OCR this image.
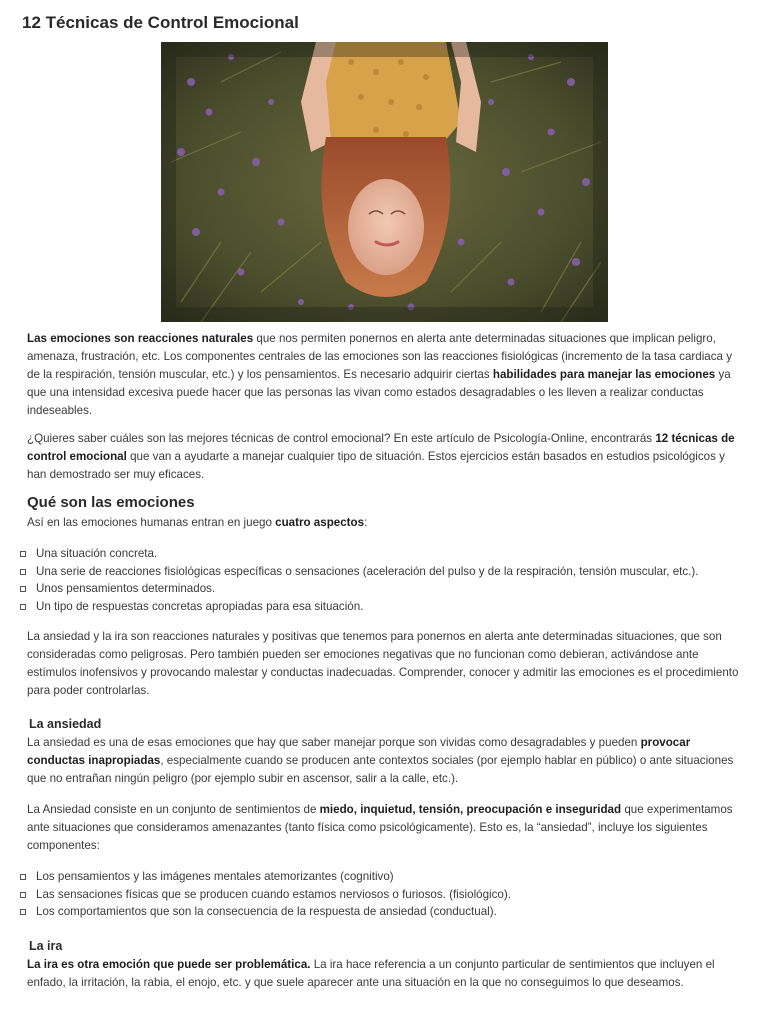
12 Técnicas de Control Emocional

Las emociones son reacciones naturales que nos permiten ponernos en alerta ante determinadas situaciones que implican peligro, amenaza, frustración, etc. Los componentes centrales de las emociones son las reacciones fisiológicas (incremento de la tasa cardiaca y de la respiración, tensión muscular, etc.) y los pensamientos. Es necesario adquirir ciertas habilidades para manejar las emociones ya que una intensidad excesiva puede hacer que las personas las vivan como estados desagradables o les lleven a realizar conductas indeseables.

¿Quieres saber cuáles son las mejores técnicas de control emocional? En este artículo de Psicología-Online, encontrarás 12 técnicas de control emocional que van a ayudarte a manejar cualquier tipo de situación. Estos ejercicios están basados en estudios psicológicos y han demostrado ser muy eficaces.

Qué son las emociones

Así en las emociones humanas entran en juego cuatro aspectos:

Una situación concreta.
Una serie de reacciones fisiológicas específicas o sensaciones (aceleración del pulso y de la respiración, tensión muscular, etc.).
Unos pensamientos determinados.
Un tipo de respuestas concretas apropiadas para esa situación.

La ansiedad y la ira son reacciones naturales y positivas que tenemos para ponernos en alerta ante determinadas situaciones, que son consideradas como peligrosas. Pero también pueden ser emociones negativas que no funcionan como debieran, activándose ante estímulos inofensivos y provocando malestar y conductas inadecuadas. Comprender, conocer y admitir las emociones es el procedimiento para poder controlarlas.

La ansiedad

La ansiedad es una de esas emociones que hay que saber manejar porque son vividas como desagradables y pueden provocar conductas inapropiadas, especialmente cuando se producen ante contextos sociales (por ejemplo hablar en público) o ante situaciones que no entrañan ningún peligro (por ejemplo subir en ascensor, salir a la calle, etc.).

La Ansiedad consiste en un conjunto de sentimientos de miedo, inquietud, tensión, preocupación e inseguridad que experimentamos ante situaciones que consideramos amenazantes (tanto física como psicológicamente). Esto es, la “ansiedad”, incluye los siguientes componentes:

Los pensamientos y las imágenes mentales atemorizantes (cognitivo)
Las sensaciones físicas que se producen cuando estamos nerviosos o furiosos. (fisiológico).
Los comportamientos que son la consecuencia de la respuesta de ansiedad (conductual).
La ira

La ira es otra emoción que puede ser problemática. La ira hace referencia a un conjunto particular de sentimientos que incluyen el enfado, la irritación, la rabia, el enojo, etc. y que suele aparecer ante una situación en la que no conseguimos lo que deseamos.
